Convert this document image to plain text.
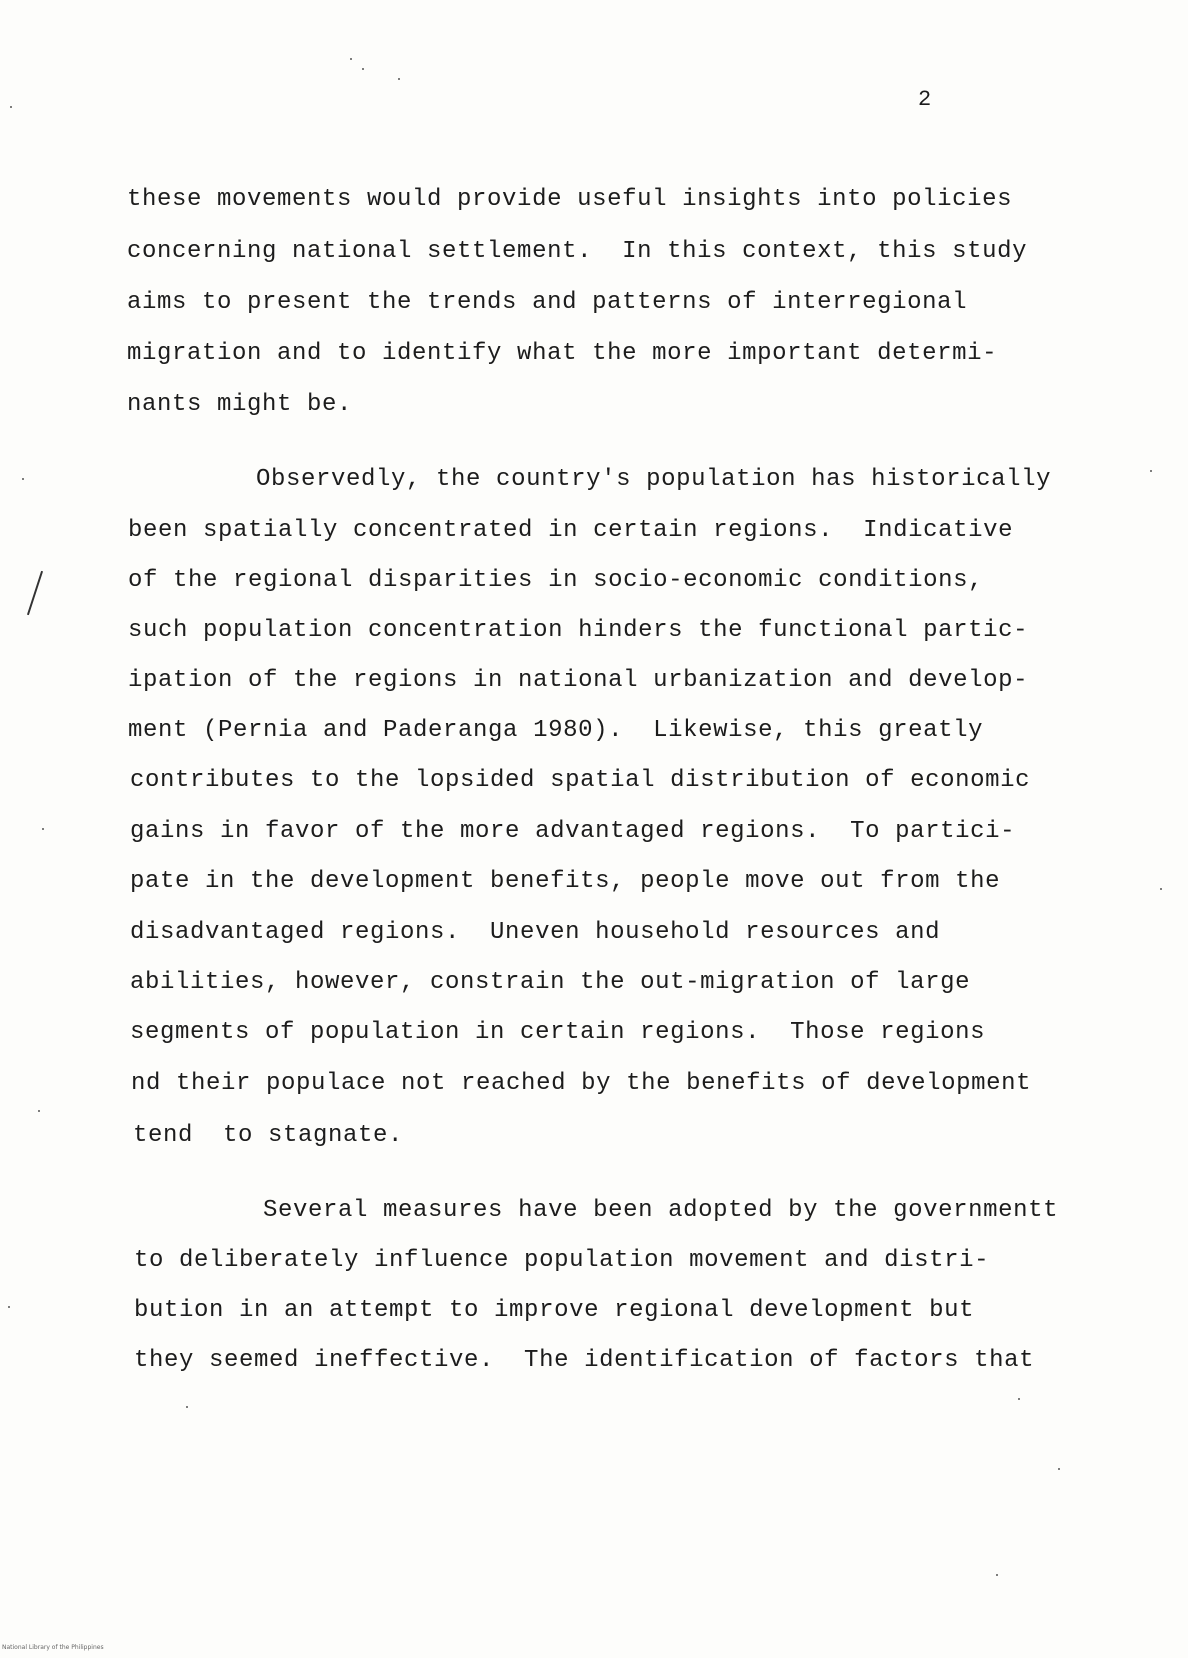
2
these movements would provide useful insights into policies
concerning national settlement.  In this context, this study
aims to present the trends and patterns of interregional
migration and to identify what the more important determi-
nants might be.
Observedly, the country's population has historically
been spatially concentrated in certain regions.  Indicative
of the regional disparities in socio-economic conditions,
such population concentration hinders the functional partic-
ipation of the regions in national urbanization and develop-
ment (Pernia and Paderanga 1980).  Likewise, this greatly
contributes to the lopsided spatial distribution of economic
gains in favor of the more advantaged regions.  To partici-
pate in the development benefits, people move out from the
disadvantaged regions.  Uneven household resources and
abilities, however, constrain the out-migration of large
segments of population in certain regions.  Those regions
nd their populace not reached by the benefits of development
tend  to stagnate.
Several measures have been adopted by the governmentt
to deliberately influence population movement and distri-
bution in an attempt to improve regional development but
they seemed ineffective.  The identification of factors that
National Library of the Philippines
